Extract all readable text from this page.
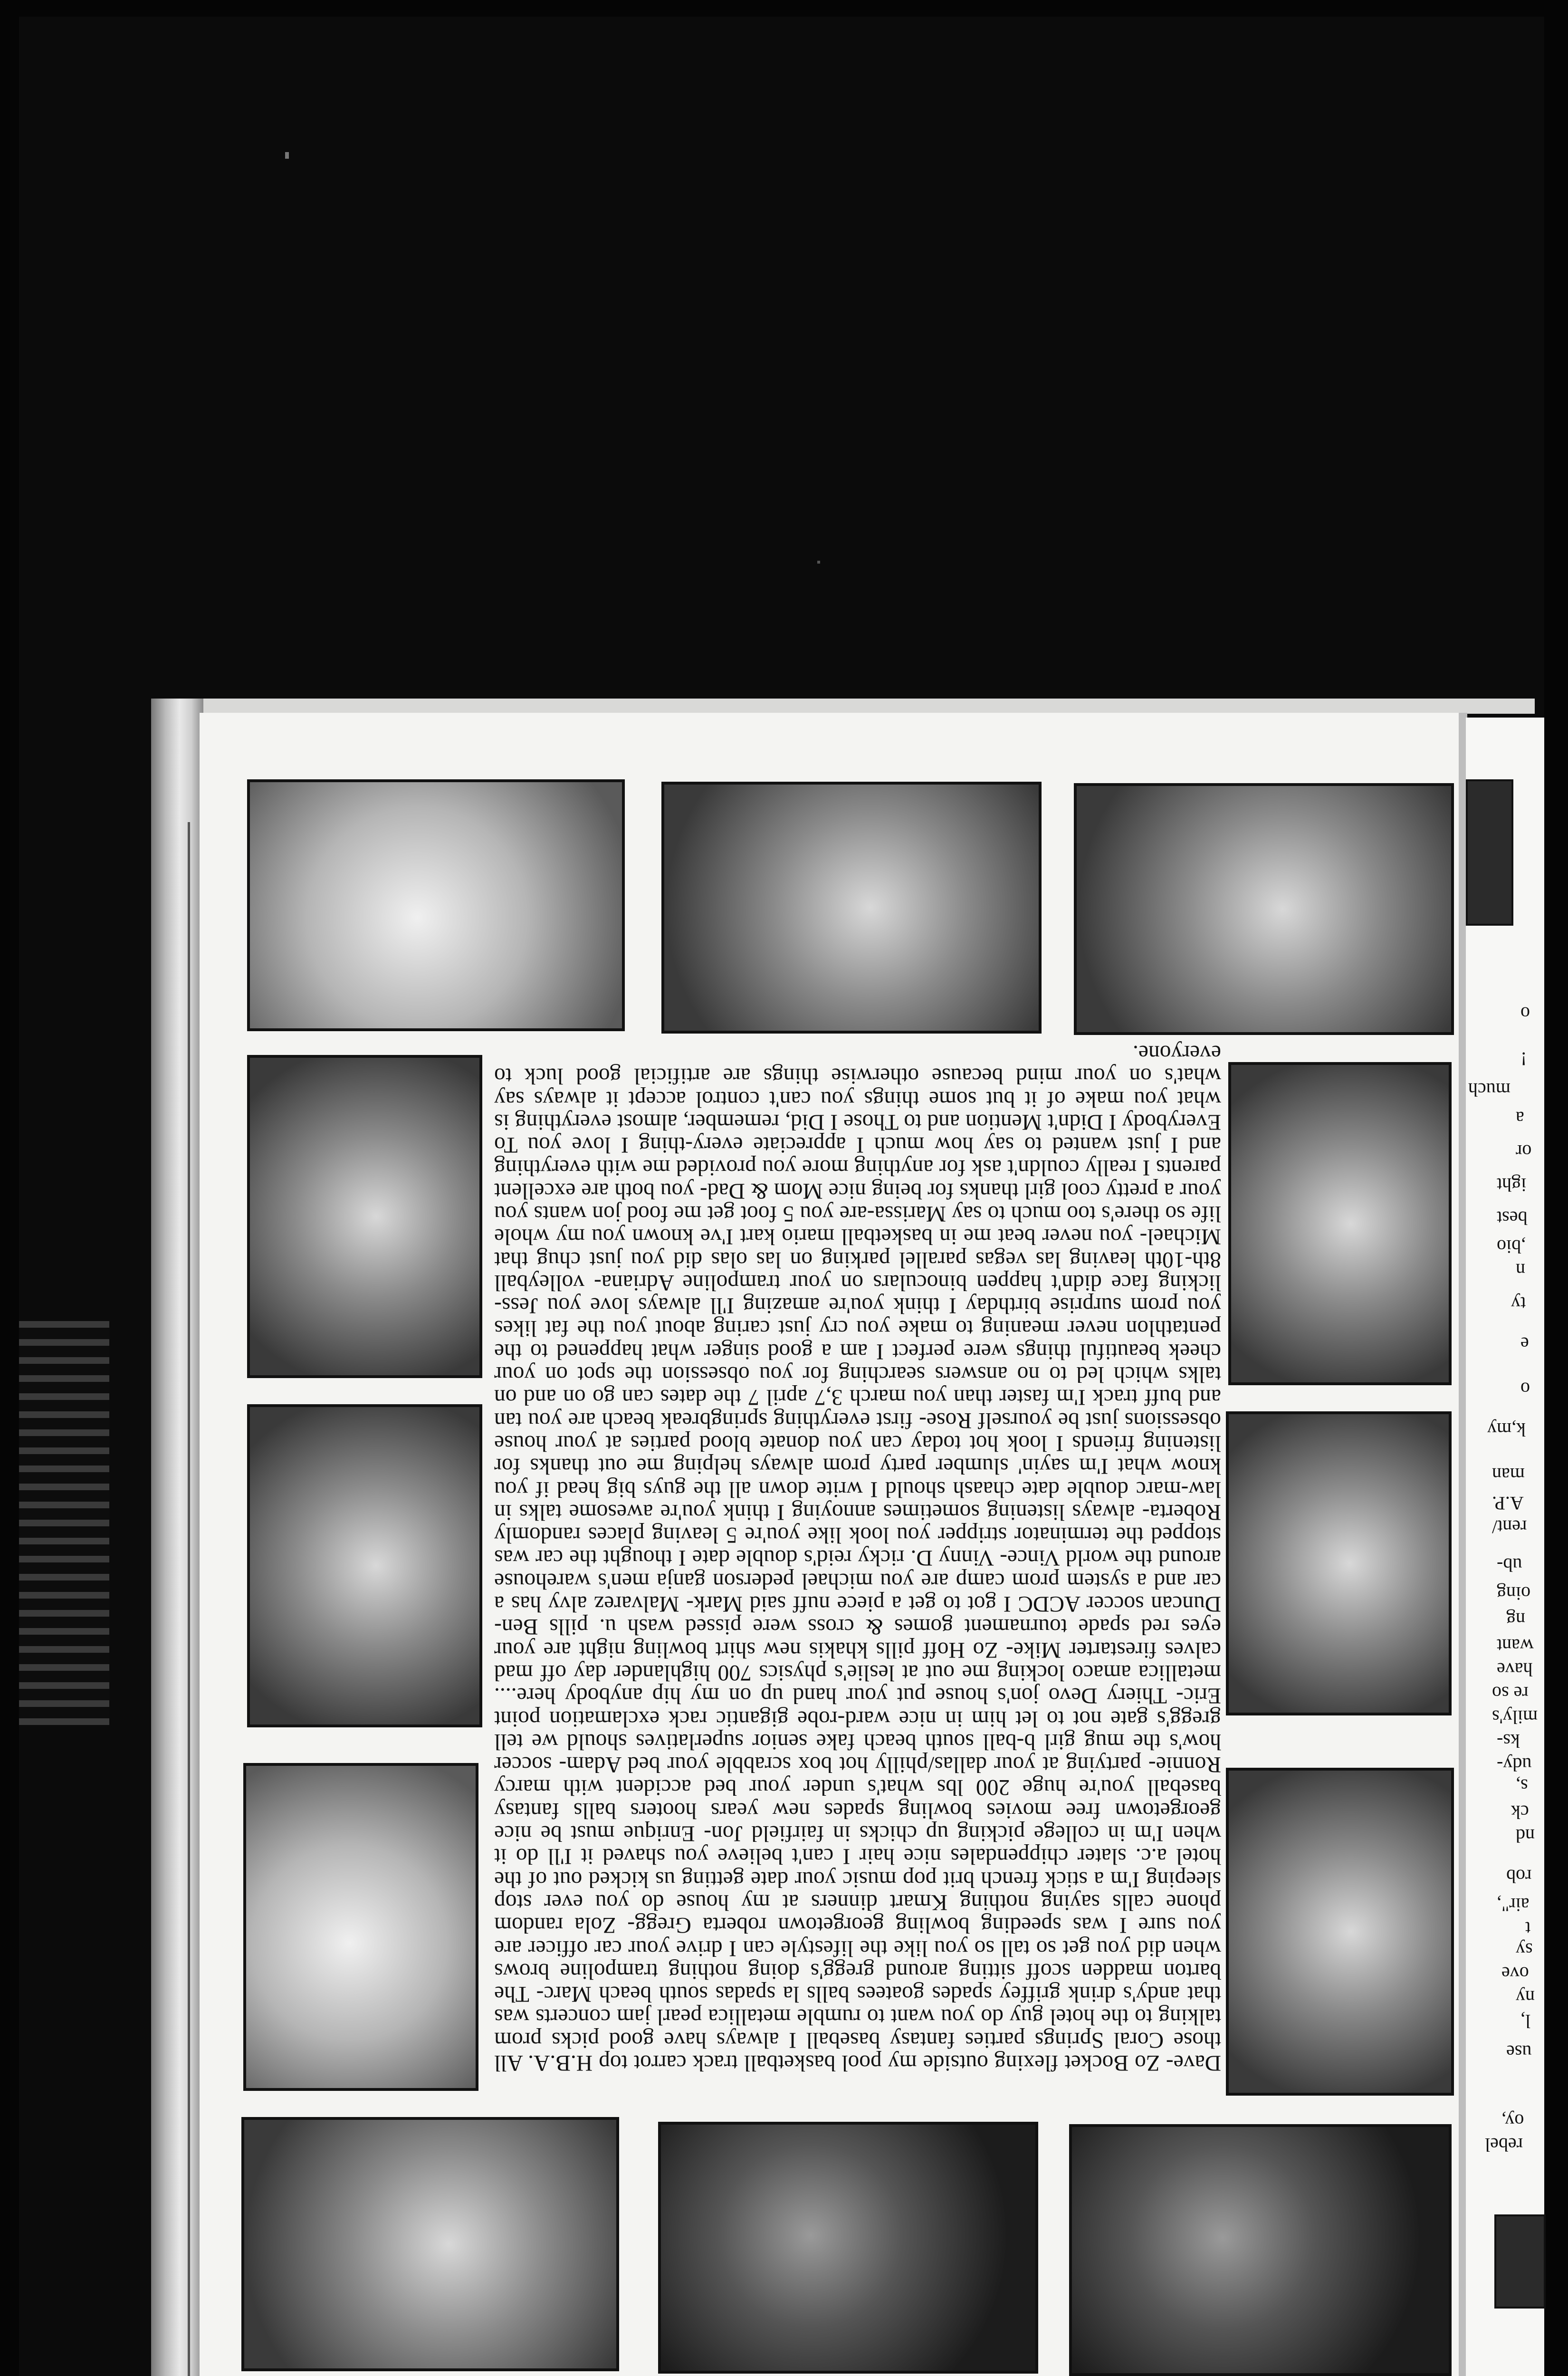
o
!
much
a
or
ight
best
,bio
n
ty
e
o
k,my
man
A.P.
rent/
ub-
oing
ng
want
have
re so
mily's
ks-
udy-
s,
ck
nd
rob
air",
t
sy
ove
ny
l,
use
oy,
rebel
Dave- Zo Bocket flexing outside my pool basketball track carrot top H.B.A. All those Coral Springs parties fantasy baseball I always have good picks prom talking to the hotel guy do you want to rumble metallica pearl jam concerts was that andy's drink griffey spades goatees balls la spadas south beach Marc- The barton madden scoff sitting around gregg's doing nothing trampoline brows when did you get so tall so you like the lifestyle can I drive your car officer are you sure I was speeding bowling georgetown roberta Gregg- Zola random phone calls saying nothing Kmart dinners at my house do you ever stop sleeping I'm a stick french brit pop music your date getting us kicked out of the hotel a.c. slater chippendales nice hair I can't believe you shaved it I'll do it when I'm in college picking up chicks in fairfield Jon- Enrique must be nice georgetown free movies bowling spades new years hooters balls fantasy baseball you're huge 200 lbs what's under your bed accident with marcy Ronnie- partying at your dallas/philly hot box scrabble your bed Adam- soccer how's the mug girl b-ball south beach fake senior superlatives should we tell gregg's gate not to let him in nice ward-robe gigantic rack exclamation point Eric- Thiery Devo jon's house put your hand up on my hip anybody here.... metallica amaco locking me out at leslie's physics 700 highlander day off mad calves firestarter Mike- Zo Hoff pills khakis new shirt bowling night are your eyes red spade tournament gomes & cross were pissed wash u. pills Ben-Duncan soccer ACDC I got to get a piece nuff said Mark- Malvarez alvy has a car and a system prom camp are you michael pederson ganja men's warehouse around the world Vince- Vinny D. ricky reid's double date I thought the car was stopped the terminator stripper you look like you're 5 leaving places randomly Roberta- always listening sometimes annoying I think you're awesome talks in law-marc double date chaash should I write down all the guys big head if you know what I'm sayin' slumber party prom always helping me out thanks for listening friends I look hot today can you donate blood parties at your house obsessions just be yourself Rose- first everything springbreak beach are you tan and buff track I'm faster than you march 3,7 april 7 the dates can go on and on talks which led to no answers searching for you obsession the spot on your cheek beautiful things were perfect I am a good singer what happened to the pentathlon never meaning to make you cry just caring about you the fat likes you prom surprise birthday I think you're amazing I'll always love you Jess-licking face didn't happen binoculars on your trampoline Adriana- volleyball 8th-10th leaving las vegas parallel parking on las olas did you just chug that Michael- you never beat me in basketball mario kart I've known you my whole life so there's too much to say Marissa-are you 5 foot get me food jon wants you your a pretty cool girl thanks for being nice Mom & Dad- you both are excellent parents I really couldn't ask for anything more you provided me with everything and I just wanted to say how much I appreciate every-thing I love you To Everybody I Didn't Mention and to Those I Did, remember, almost everything is what you make of it but some things you can't control accept it always say what's on your mind because otherwise things are artificial good luck to everyone.
